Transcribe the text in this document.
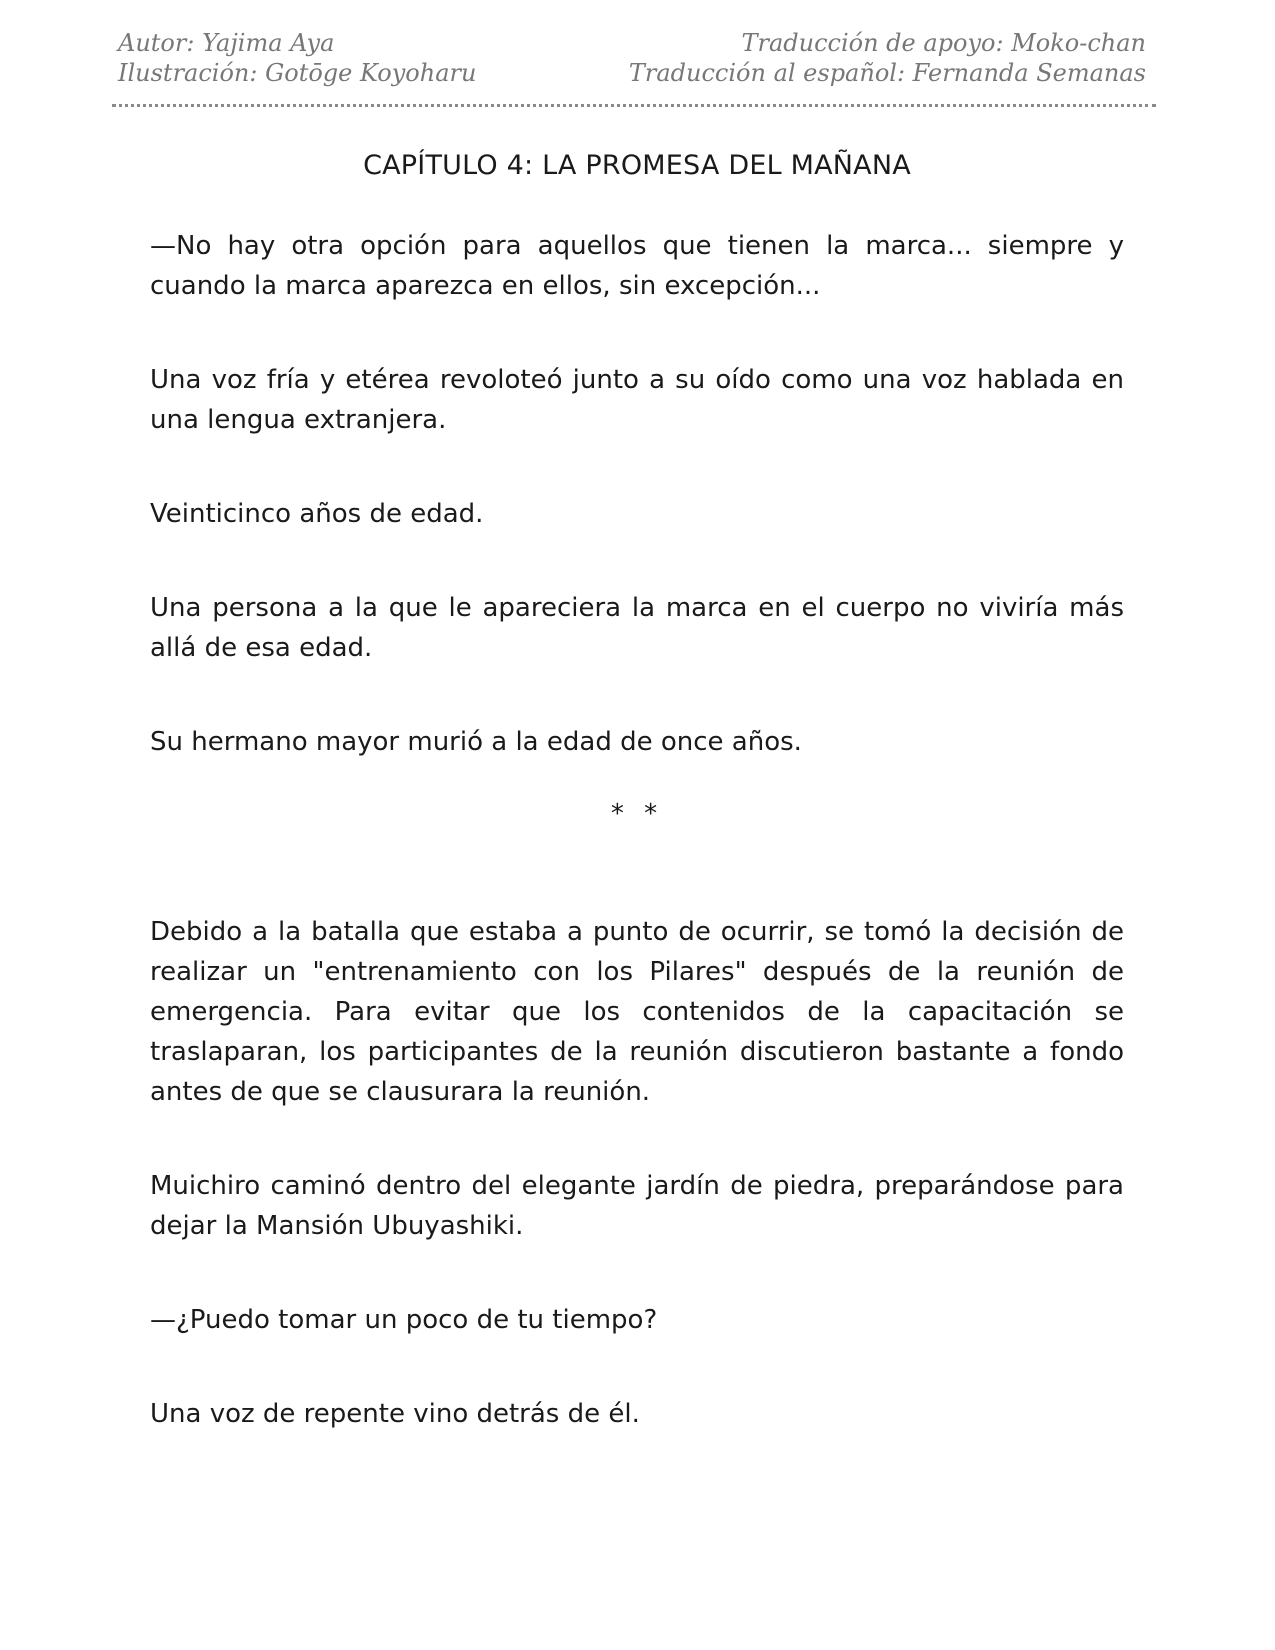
Autor: Yajima Aya
Ilustración: Gotōge Koyoharu
Traducción de apoyo: Moko-chan
Traducción al español: Fernanda Semanas
CAPÍTULO 4: LA PROMESA DEL MAÑANA

—No hay otra opción para aquellos que tienen la marca... siempre y cuando la marca aparezca en ellos, sin excepción...

Una voz fría y etérea revoloteó junto a su oído como una voz hablada en una lengua extranjera.

Veinticinco años de edad.

Una persona a la que le apareciera la marca en el cuerpo no viviría más allá de esa edad.

Su hermano mayor murió a la edad de once años.

* *

Debido a la batalla que estaba a punto de ocurrir, se tomó la decisión de realizar un "entrenamiento con los Pilares" después de la reunión de emergencia. Para evitar que los contenidos de la capacitación se traslaparan, los participantes de la reunión discutieron bastante a fondo antes de que se clausurara la reunión.

Muichiro caminó dentro del elegante jardín de piedra, preparándose para dejar la Mansión Ubuyashiki.

—¿Puedo tomar un poco de tu tiempo?

Una voz de repente vino detrás de él.
